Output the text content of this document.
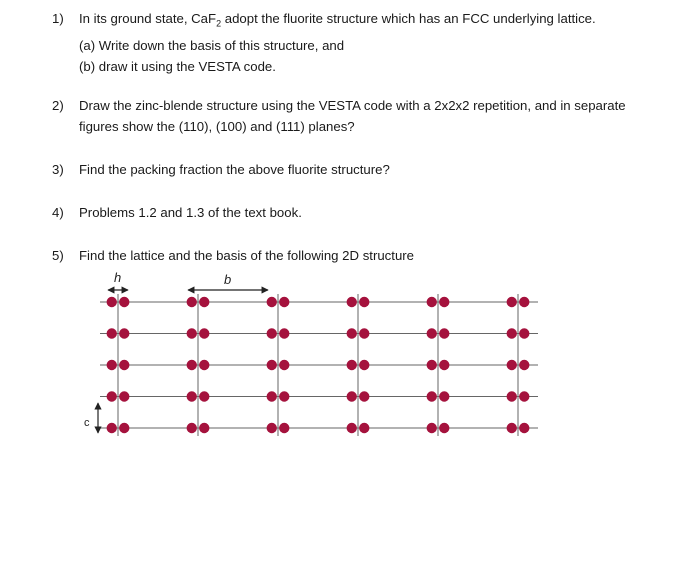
1)	In its ground state, CaF$_2$ adopt the fluorite structure which has an FCC underlying lattice.
(a) Write down the basis of this structure, and
(b) draw it using the VESTA code.
2)	Draw the zinc-blende structure using the VESTA code with a 2x2x2 repetition, and in separate
figures show the (110), (100) and (111) planes?
3)	Find the packing fraction the above fluorite structure?
4)	Problems 1.2 and 1.3 of the text book.
5)	Find the lattice and the basis of the following 2D structure
h	b
c
